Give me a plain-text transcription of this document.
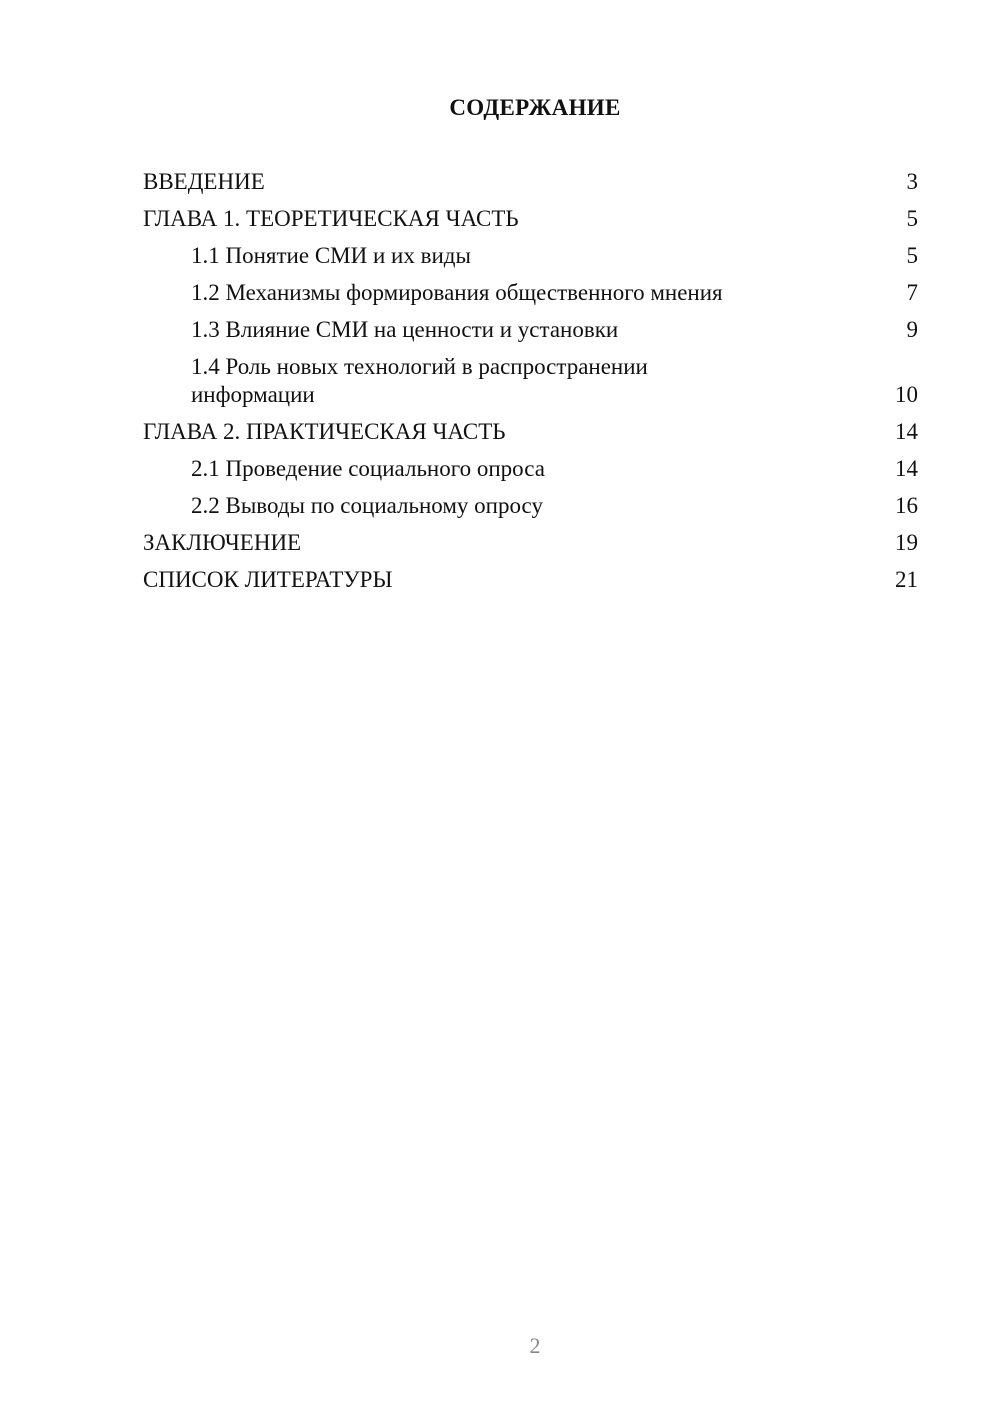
СОДЕРЖАНИЕ
ВВЕДЕНИЕ	3
ГЛАВА 1. ТЕОРЕТИЧЕСКАЯ ЧАСТЬ	5
1.1 Понятие СМИ и их виды	5
1.2 Механизмы формирования общественного мнения	7
1.3 Влияние СМИ на ценности и установки	9
1.4 Роль новых технологий в распространении
информации	10
ГЛАВА 2. ПРАКТИЧЕСКАЯ ЧАСТЬ	14
2.1 Проведение социального опроса	14
2.2 Выводы по социальному опросу	16
ЗАКЛЮЧЕНИЕ	19
СПИСОК ЛИТЕРАТУРЫ	21
2
